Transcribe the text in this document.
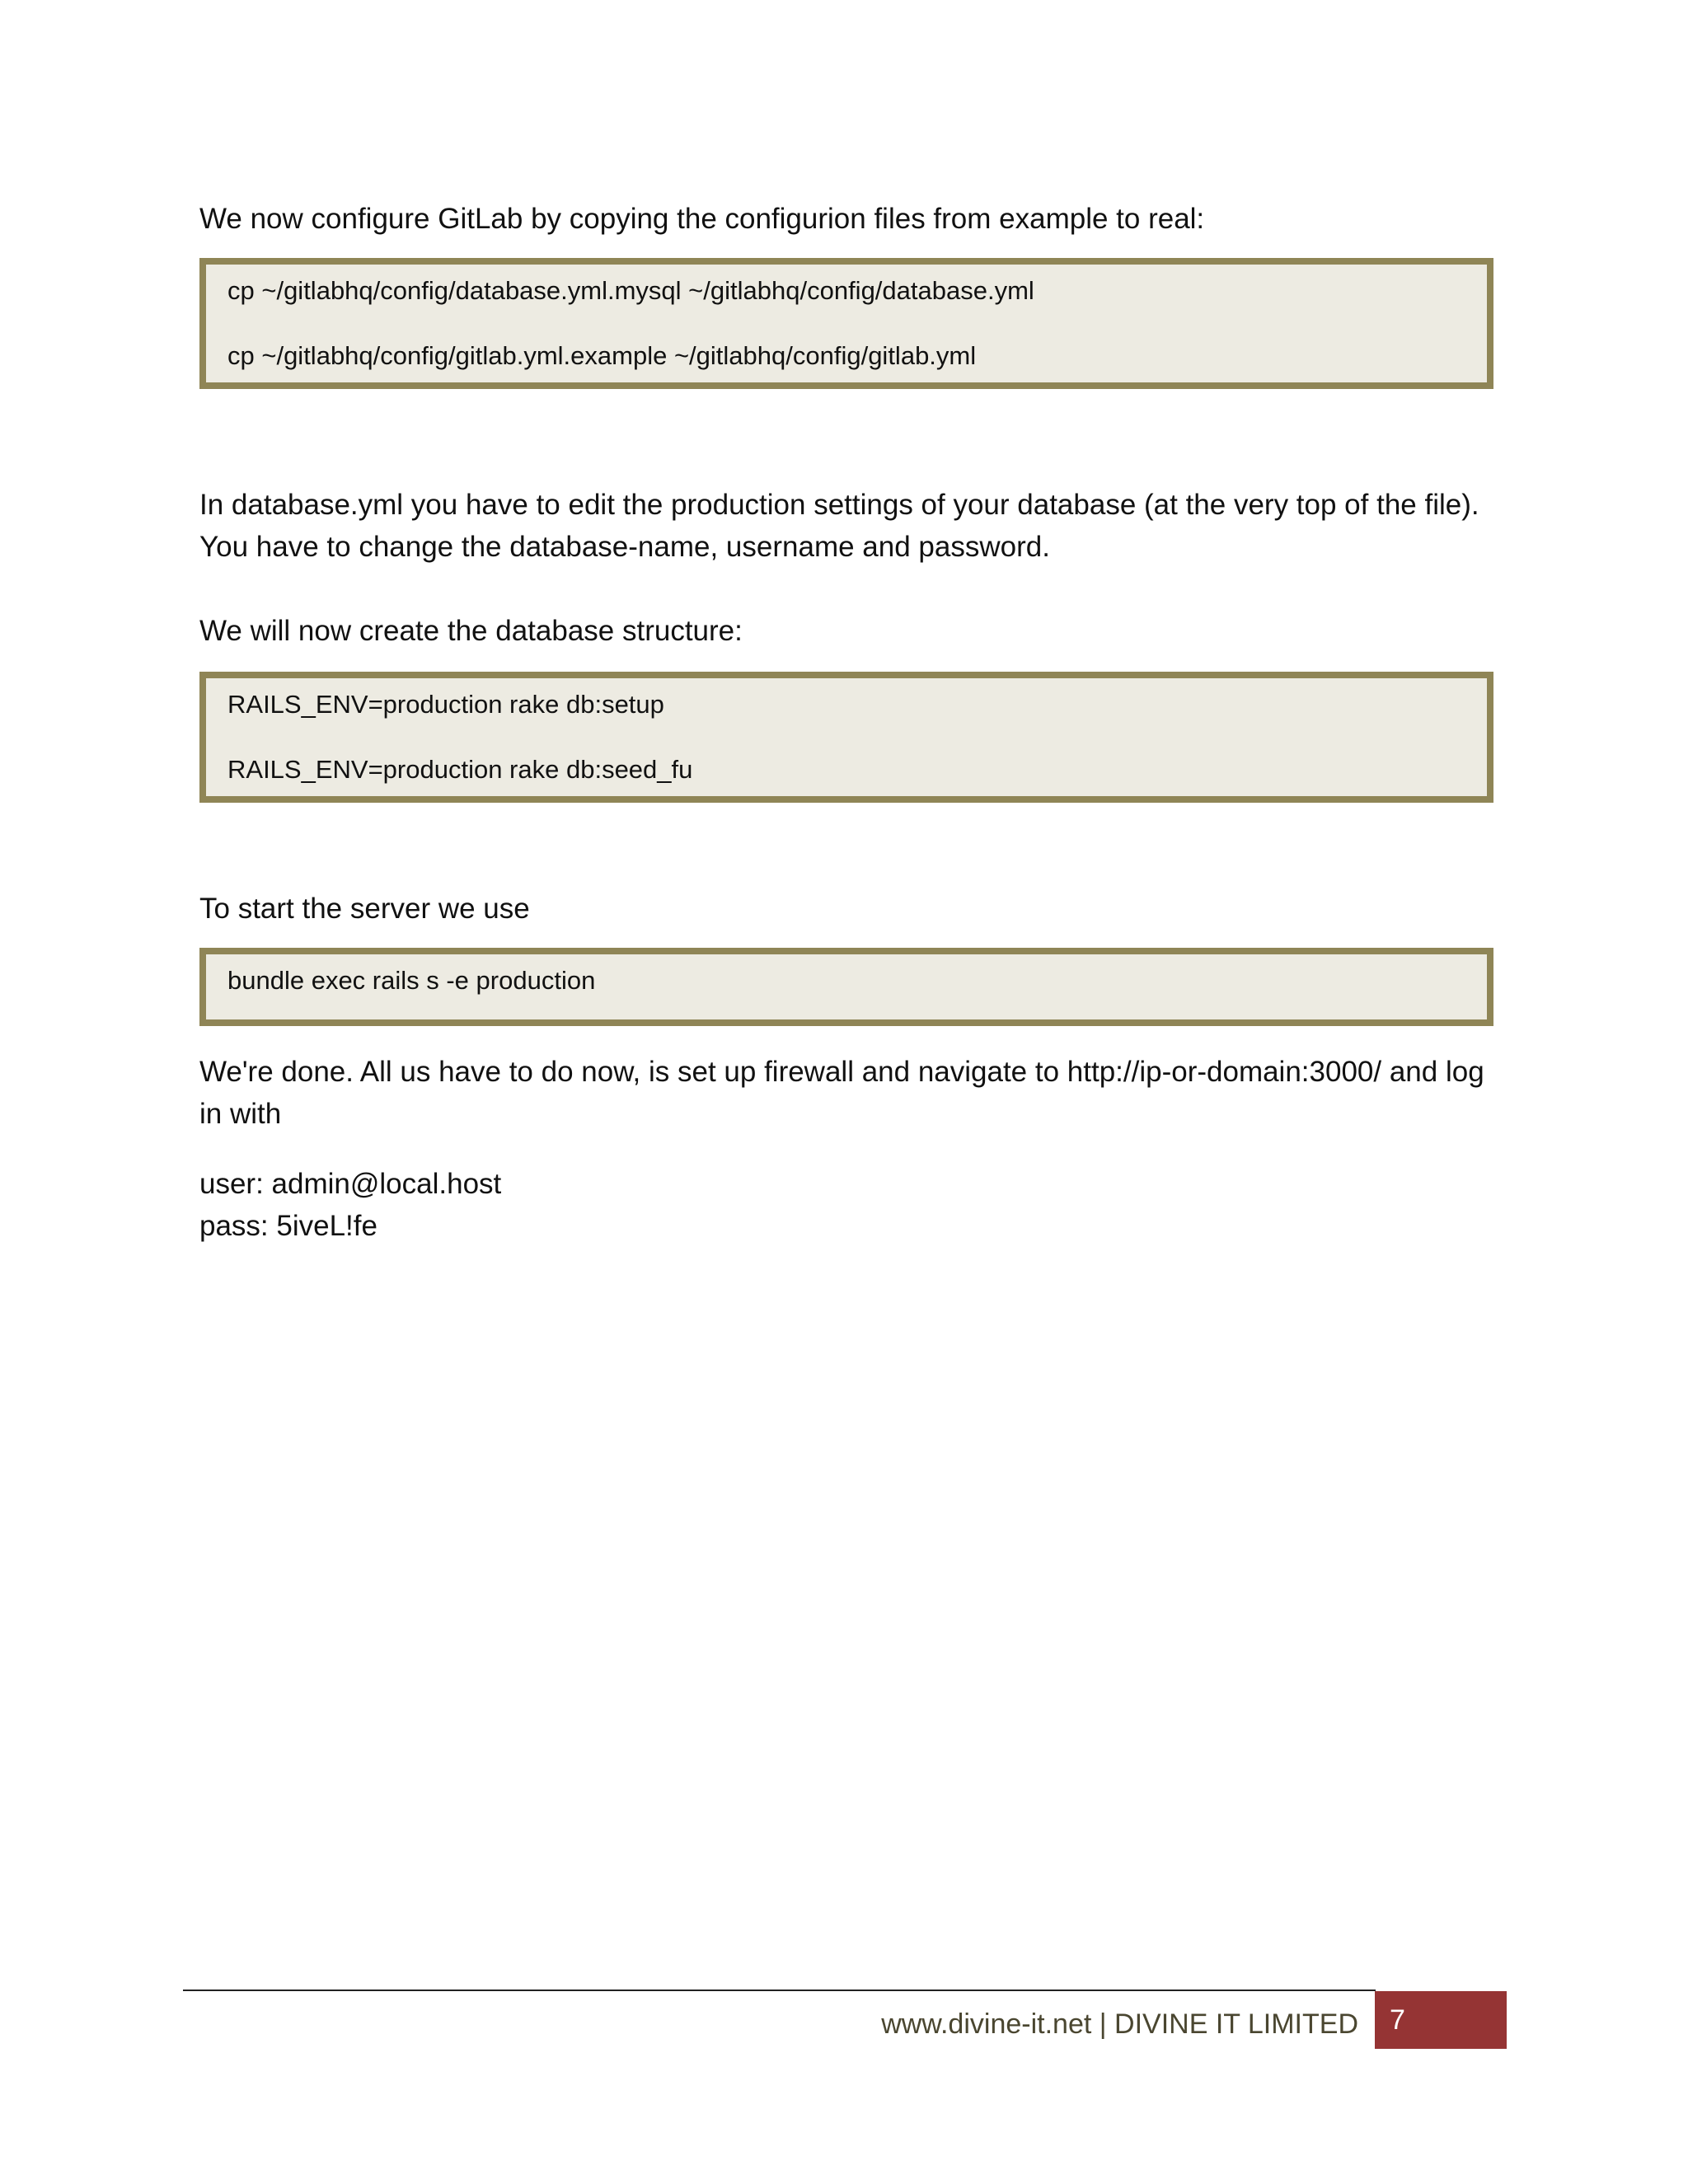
We now configure GitLab by copying the configurion files from example to real:

cp ~/gitlabhq/config/database.yml.mysql ~/gitlabhq/config/database.yml
cp ~/gitlabhq/config/gitlab.yml.example ~/gitlabhq/config/gitlab.yml

In database.yml you have to edit the production settings of your database (at the very top of the file). You have to change the database-name, username and password.

We will now create the database structure:

RAILS_ENV=production rake db:setup
RAILS_ENV=production rake db:seed_fu

To start the server we use

bundle exec rails s -e production

We're done. All us have to do now, is set up firewall and navigate to http://ip-or-domain:3000/ and log in with

user: admin@local.host

pass: 5iveL!fe

www.divine-it.net | DIVINE IT LIMITED	7
